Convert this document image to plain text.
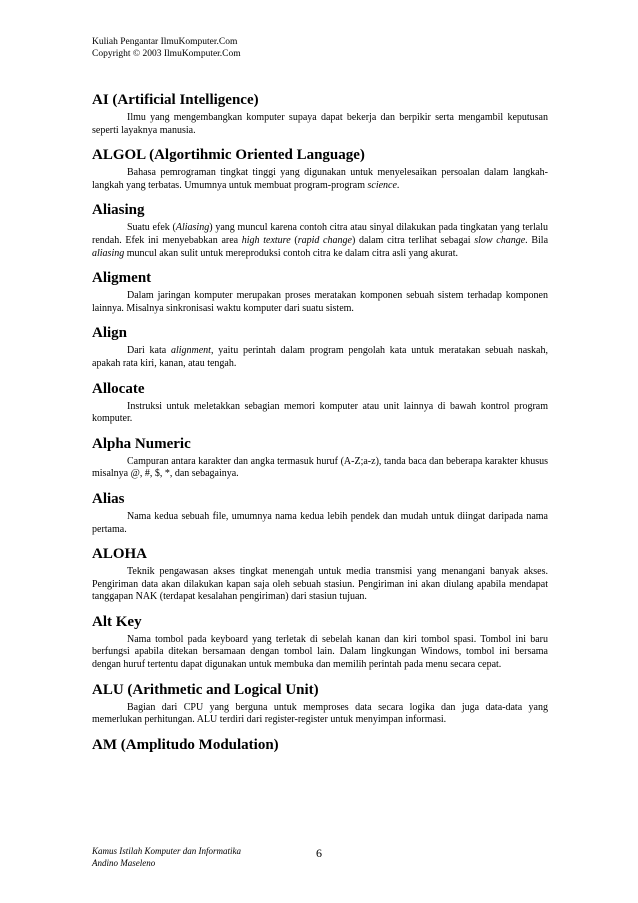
Kuliah Pengantar IlmuKomputer.Com
Copyright © 2003 IlmuKomputer.Com
AI (Artificial Intelligence)

Ilmu yang mengembangkan komputer supaya dapat bekerja dan berpikir serta mengambil keputusan seperti layaknya manusia.

ALGOL (Algortihmic Oriented Language)

Bahasa pemrograman tingkat tinggi yang digunakan untuk menyelesaikan persoalan dalam langkah-langkah yang terbatas. Umumnya untuk membuat program-program science.

Aliasing

Suatu efek (Aliasing) yang muncul karena contoh citra atau sinyal dilakukan pada tingkatan yang terlalu rendah. Efek ini menyebabkan area high texture (rapid change) dalam citra terlihat sebagai slow change. Bila aliasing muncul akan sulit untuk mereproduksi contoh citra ke dalam citra asli yang akurat.

Aligment

Dalam jaringan komputer merupakan proses meratakan komponen sebuah sistem terhadap komponen lainnya. Misalnya sinkronisasi waktu komputer dari suatu sistem.

Align

Dari kata alignment, yaitu perintah dalam program pengolah kata untuk meratakan sebuah naskah, apakah rata kiri, kanan, atau tengah.

Allocate

Instruksi untuk meletakkan sebagian memori komputer atau unit lainnya di bawah kontrol program komputer.

Alpha Numeric

Campuran antara karakter dan angka termasuk huruf (A-Z;a-z), tanda baca dan beberapa karakter khusus misalnya @, #, $, *, dan sebagainya.

Alias

Nama kedua sebuah file, umumnya nama kedua lebih pendek dan mudah untuk diingat daripada nama pertama.

ALOHA

Teknik pengawasan akses tingkat menengah untuk media transmisi yang menangani banyak akses. Pengiriman data akan dilakukan kapan saja oleh sebuah stasiun. Pengiriman ini akan diulang apabila mendapat tanggapan NAK (terdapat kesalahan pengiriman) dari stasiun tujuan.

Alt Key

Nama tombol pada keyboard yang terletak di sebelah kanan dan kiri tombol spasi. Tombol ini baru berfungsi apabila ditekan bersamaan dengan tombol lain. Dalam lingkungan Windows, tombol ini bersama dengan huruf tertentu dapat digunakan untuk membuka dan memilih perintah pada menu secara cepat.

ALU (Arithmetic and Logical Unit)

Bagian dari CPU yang berguna untuk memproses data secara logika dan juga data-data yang memerlukan perhitungan. ALU terdiri dari register-register untuk menyimpan informasi.

AM (Amplitudo Modulation)
Kamus Istilah Komputer dan Informatika
Andino Maseleno
6
